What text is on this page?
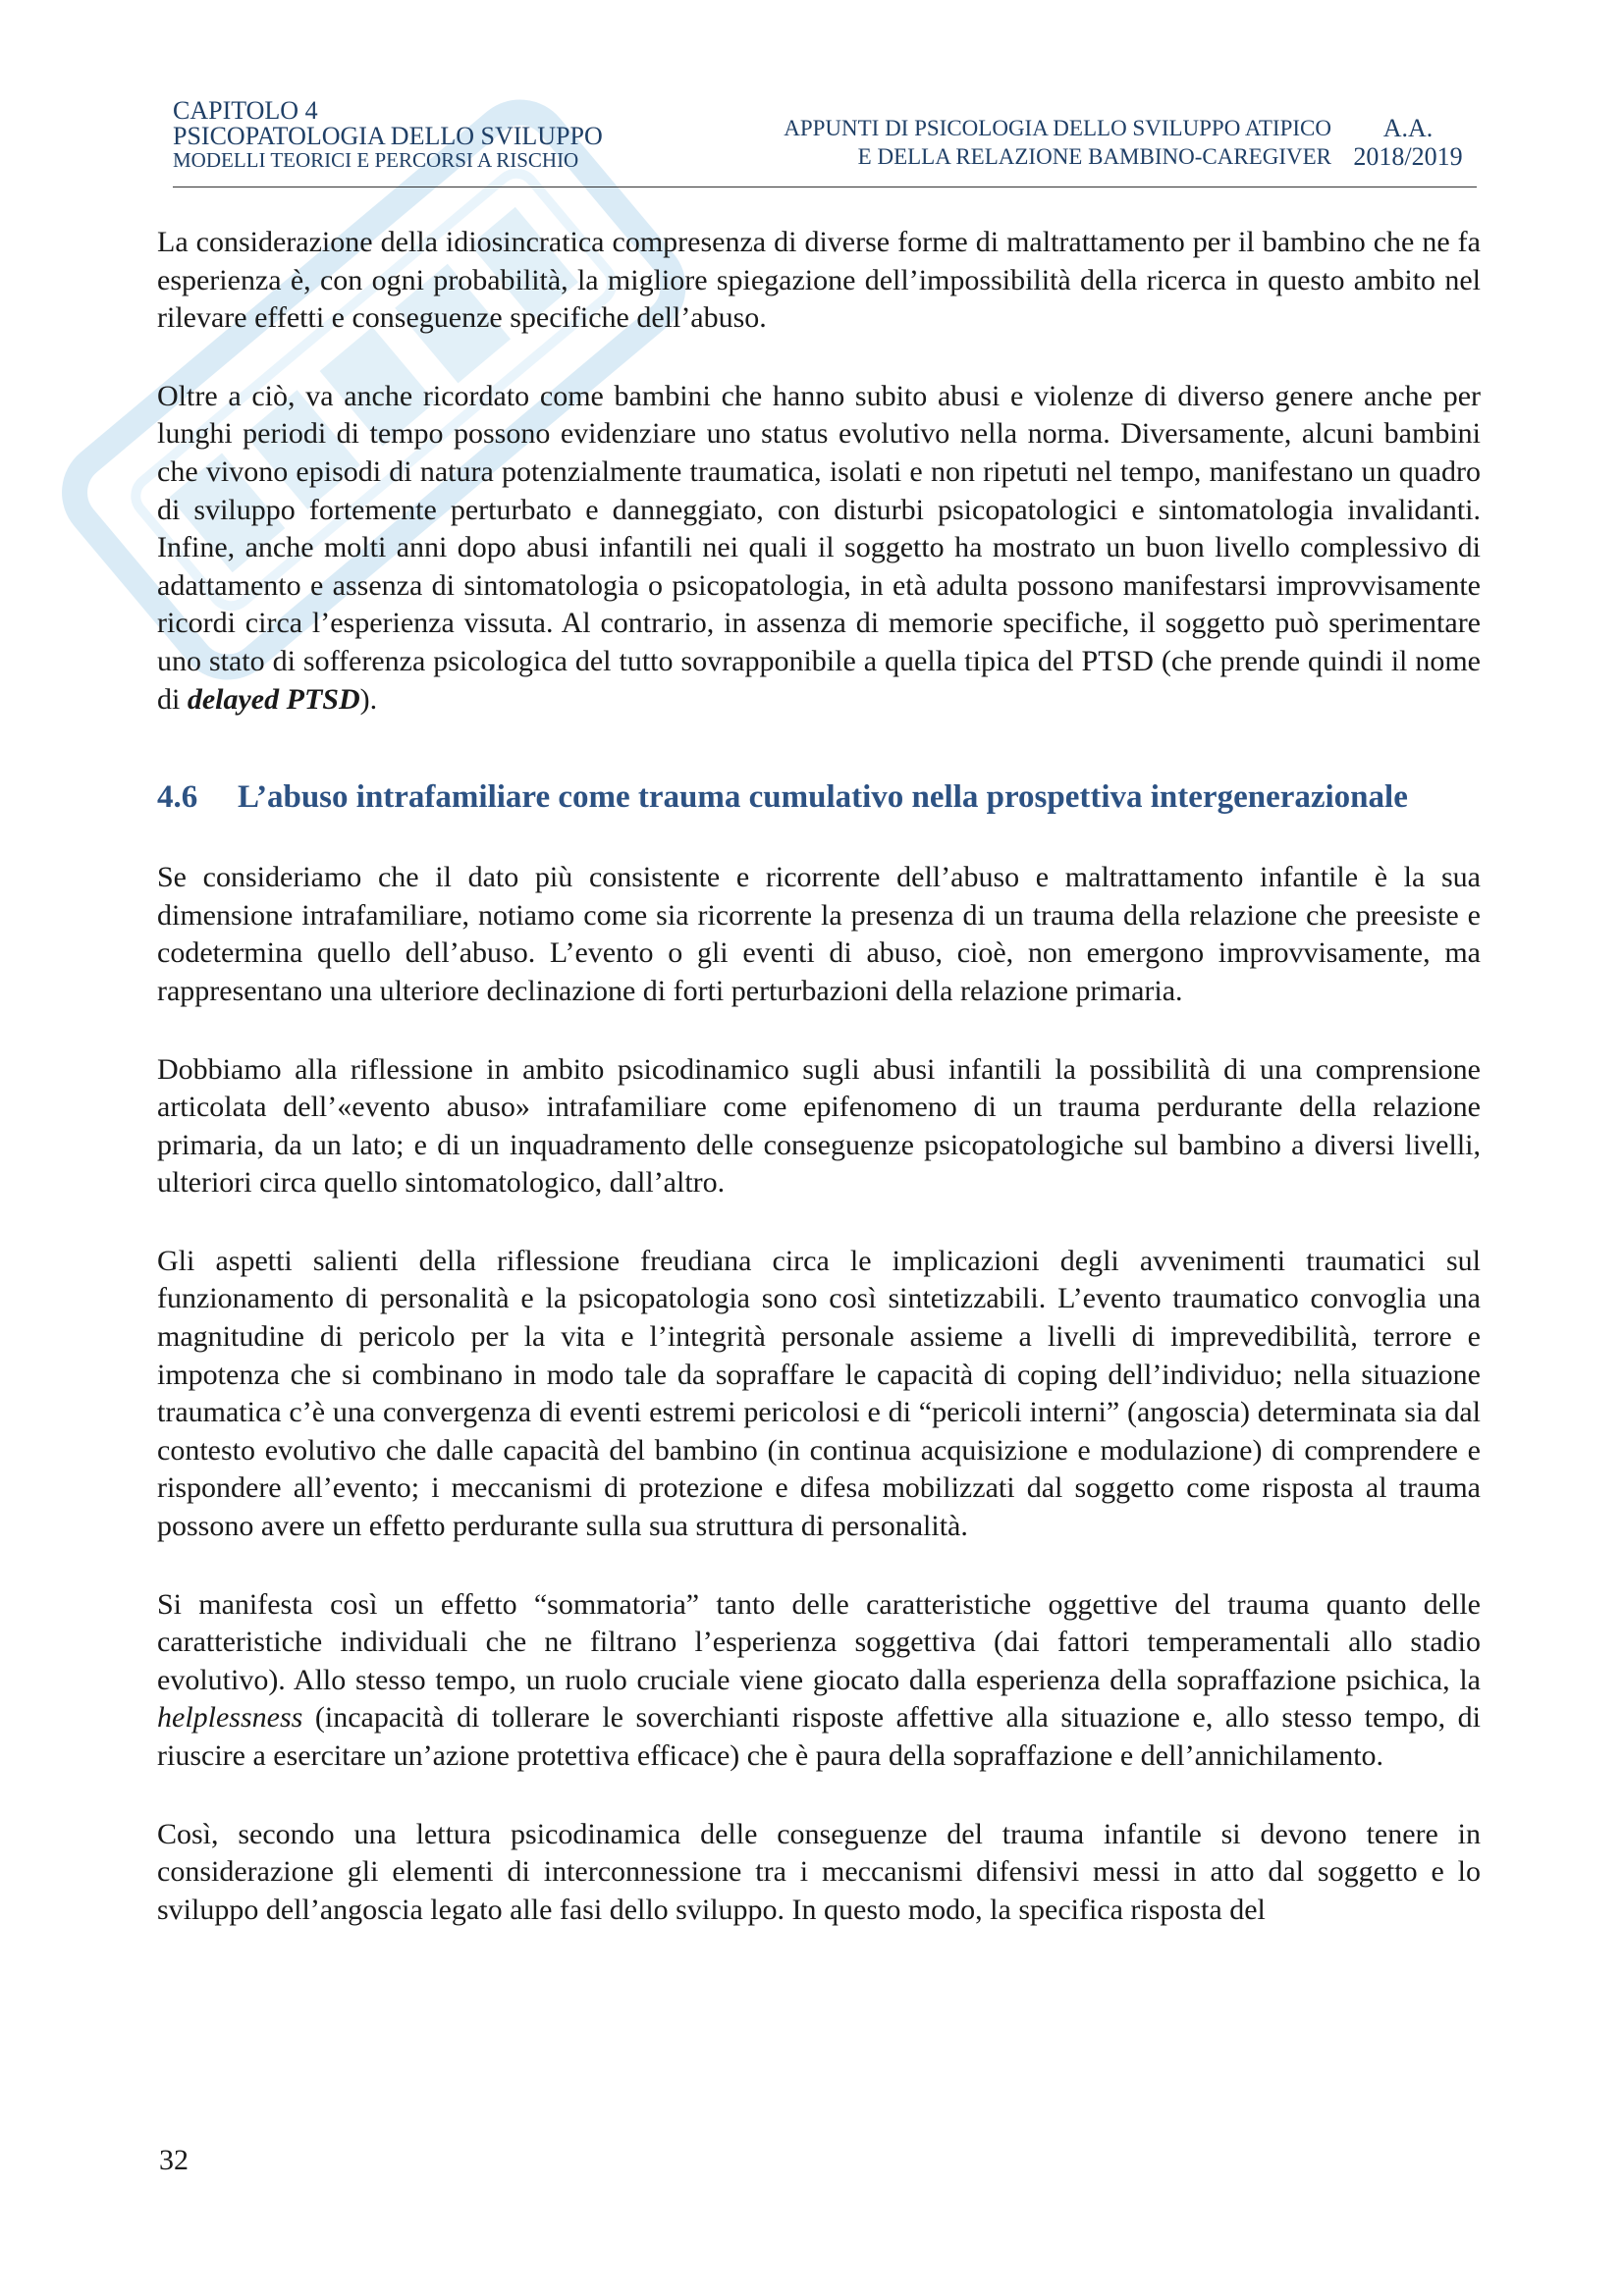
CAPITOLO 4
PSICOPATOLOGIA DELLO SVILUPPO
MODELLI TEORICI E PERCORSI A RISCHIO
APPUNTI DI PSICOLOGIA DELLO SVILUPPO ATIPICO
E DELLA RELAZIONE BAMBINO-CAREGIVER
A.A.
2018/2019

La considerazione della idiosincratica compresenza di diverse forme di maltrattamento per il bambino che ne fa esperienza è, con ogni probabilità, la migliore spiegazione dell’impossibilità della ricerca in questo ambito nel rilevare effetti e conseguenze specifiche dell’abuso.

Oltre a ciò, va anche ricordato come bambini che hanno subito abusi e violenze di diverso genere anche per lunghi periodi di tempo possono evidenziare uno status evolutivo nella norma. Diversamente, alcuni bambini che vivono episodi di natura potenzialmente traumatica, isolati e non ripetuti nel tempo, manifestano un quadro di sviluppo fortemente perturbato e danneggiato, con disturbi psicopatologici e sintomatologia invalidanti. Infine, anche molti anni dopo abusi infantili nei quali il soggetto ha mostrato un buon livello complessivo di adattamento e assenza di sintomatologia o psicopatologia, in età adulta possono manifestarsi improvvisamente ricordi circa l’esperienza vissuta. Al contrario, in assenza di memorie specifiche, il soggetto può sperimentare uno stato di sofferenza psicologica del tutto sovrapponibile a quella tipica del PTSD (che prende quindi il nome di delayed PTSD).

4.6	L’abuso intrafamiliare come trauma cumulativo nella prospettiva intergenerazionale

Se consideriamo che il dato più consistente e ricorrente dell’abuso e maltrattamento infantile è la sua dimensione intrafamiliare, notiamo come sia ricorrente la presenza di un trauma della relazione che preesiste e codetermina quello dell’abuso. L’evento o gli eventi di abuso, cioè, non emergono improvvisamente, ma rappresentano una ulteriore declinazione di forti perturbazioni della relazione primaria.

Dobbiamo alla riflessione in ambito psicodinamico sugli abusi infantili la possibilità di una comprensione articolata dell’«evento abuso» intrafamiliare come epifenomeno di un trauma perdurante della relazione primaria, da un lato; e di un inquadramento delle conseguenze psicopatologiche sul bambino a diversi livelli, ulteriori circa quello sintomatologico, dall’altro.

Gli aspetti salienti della riflessione freudiana circa le implicazioni degli avvenimenti traumatici sul funzionamento di personalità e la psicopatologia sono così sintetizzabili. L’evento traumatico convoglia una magnitudine di pericolo per la vita e l’integrità personale assieme a livelli di imprevedibilità, terrore e impotenza che si combinano in modo tale da sopraffare le capacità di coping dell’individuo; nella situazione traumatica c’è una convergenza di eventi estremi pericolosi e di “pericoli interni” (angoscia) determinata sia dal contesto evolutivo che dalle capacità del bambino (in continua acquisizione e modulazione) di comprendere e rispondere all’evento; i meccanismi di protezione e difesa mobilizzati dal soggetto come risposta al trauma possono avere un effetto perdurante sulla sua struttura di personalità.

Si manifesta così un effetto “sommatoria” tanto delle caratteristiche oggettive del trauma quanto delle caratteristiche individuali che ne filtrano l’esperienza soggettiva (dai fattori temperamentali allo stadio evolutivo). Allo stesso tempo, un ruolo cruciale viene giocato dalla esperienza della sopraffazione psichica, la helplessness (incapacità di tollerare le soverchianti risposte affettive alla situazione e, allo stesso tempo, di riuscire a esercitare un’azione protettiva efficace) che è paura della sopraffazione e dell’annichilamento.

Così, secondo una lettura psicodinamica delle conseguenze del trauma infantile si devono tenere in considerazione gli elementi di interconnessione tra i meccanismi difensivi messi in atto dal soggetto e lo sviluppo dell’angoscia legato alle fasi dello sviluppo. In questo modo, la specifica risposta del

32
